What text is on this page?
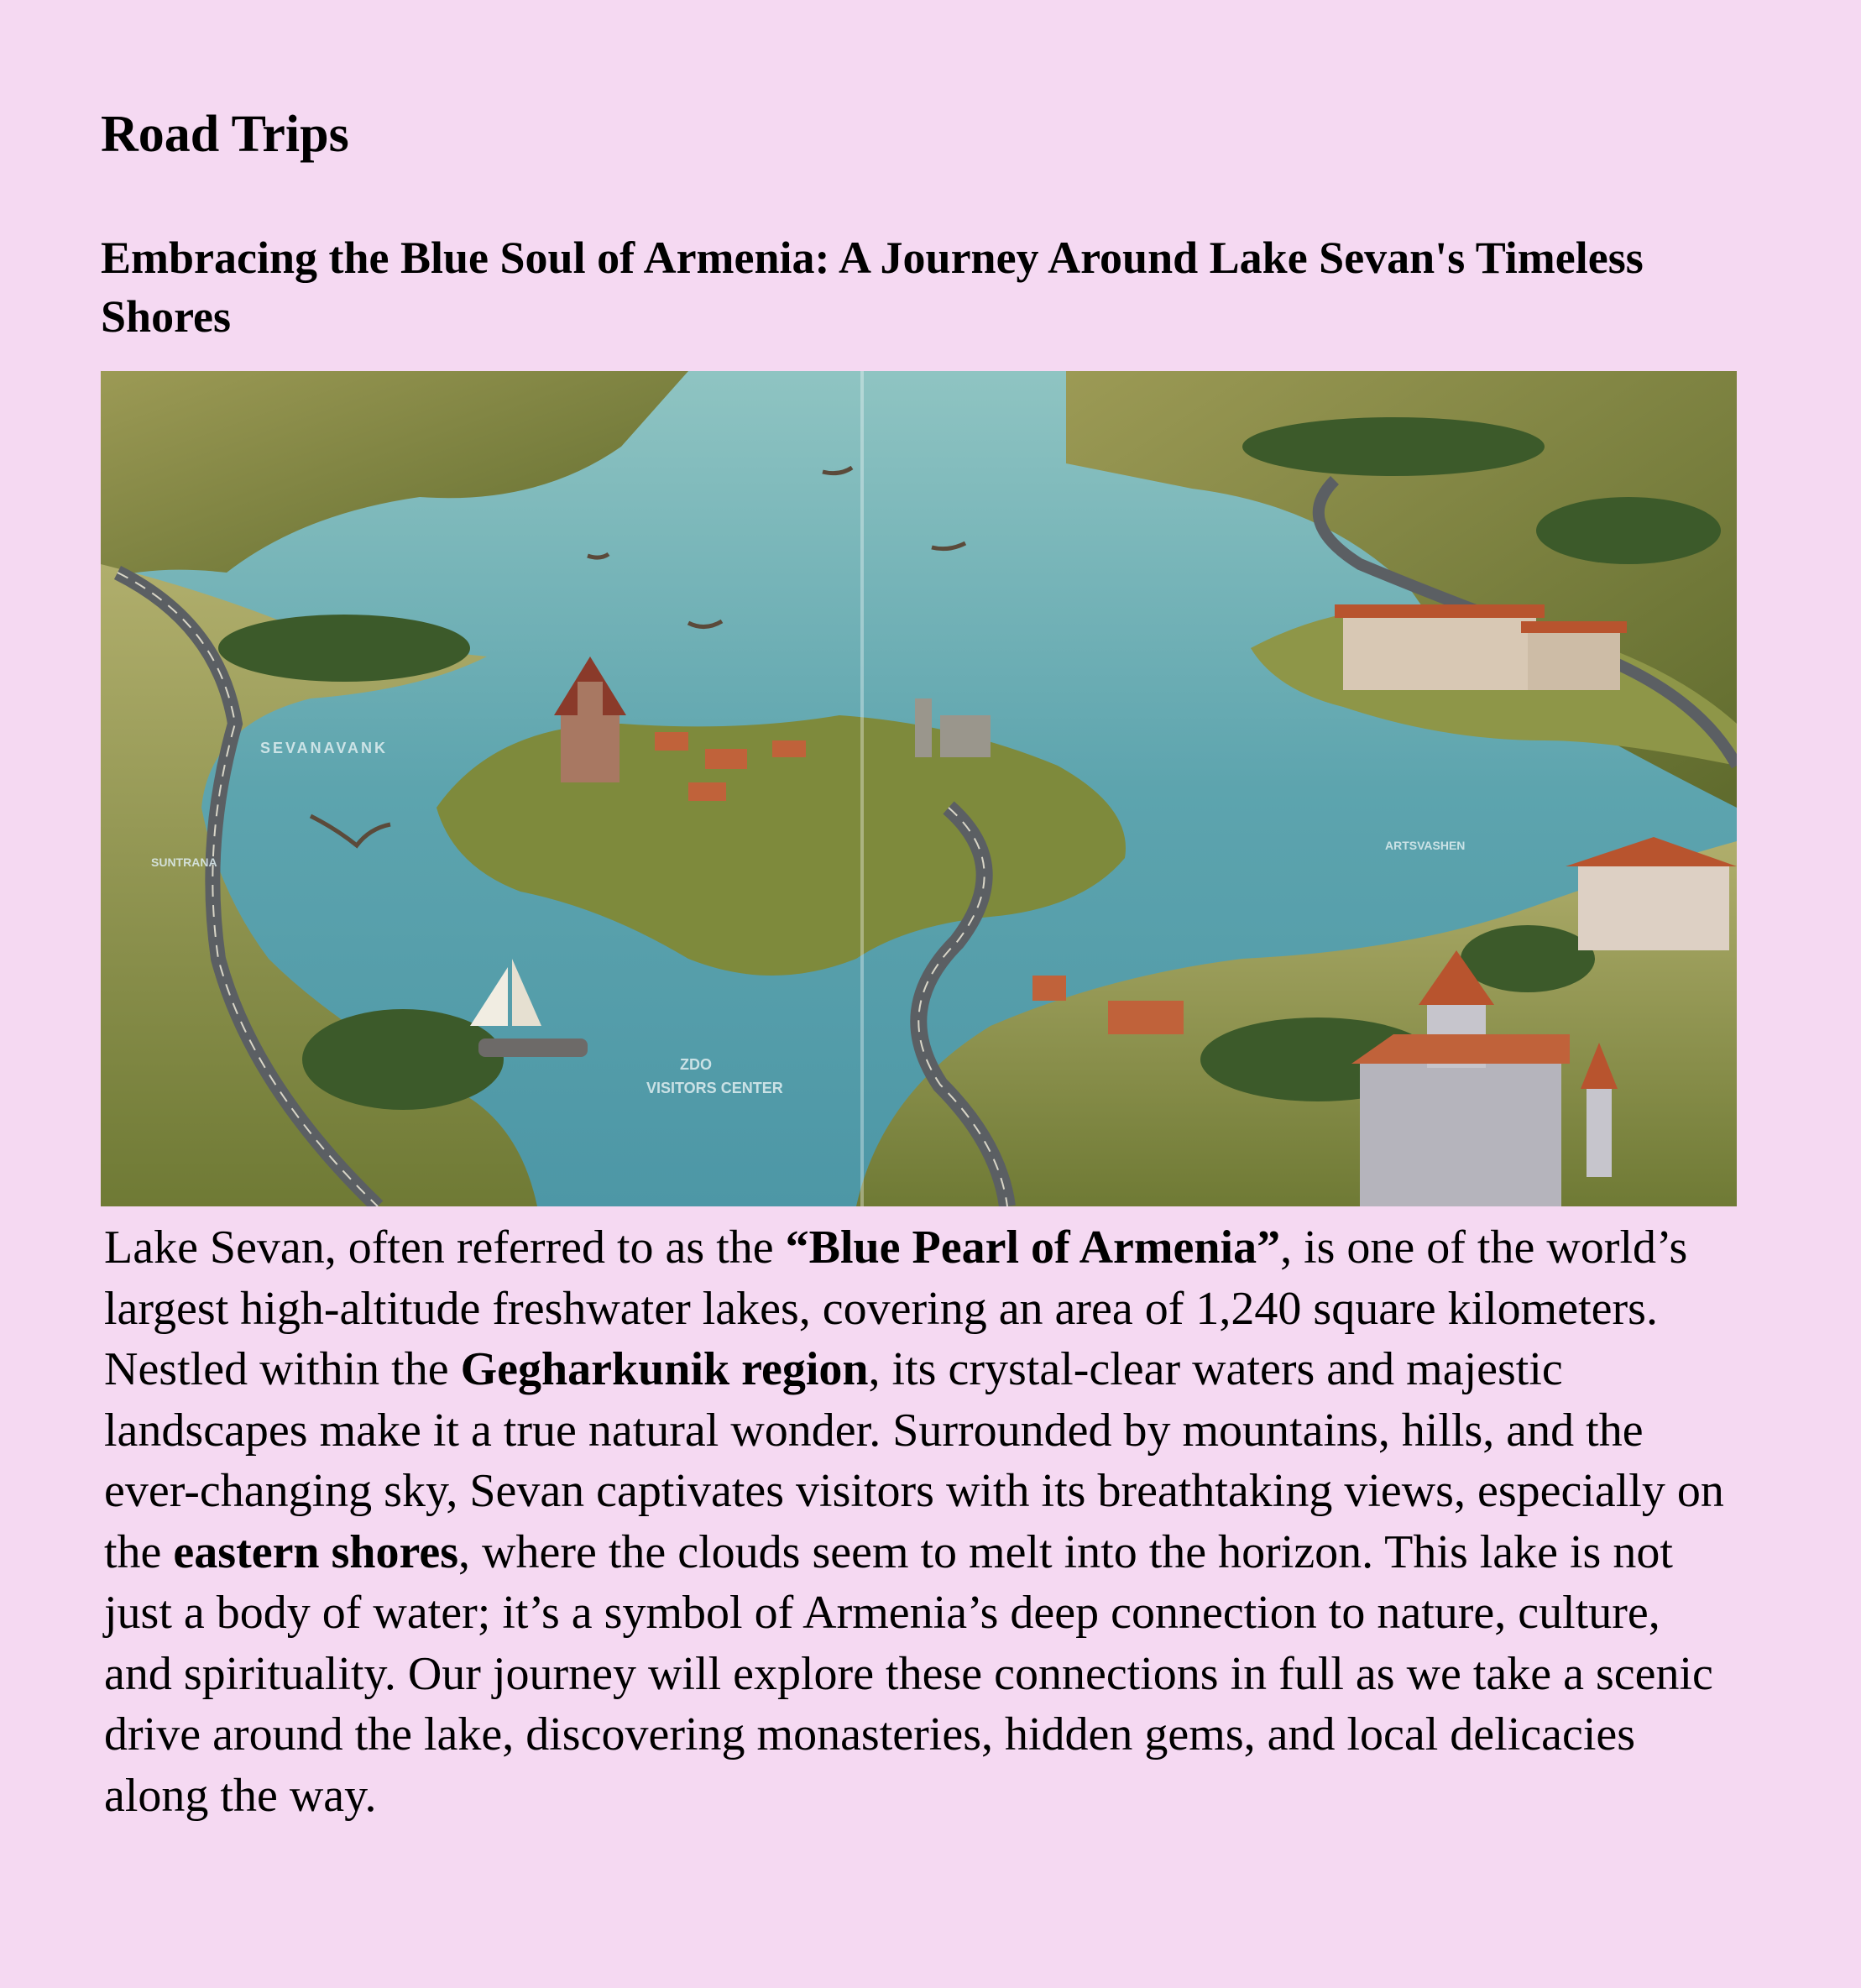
Road Trips
Embracing the Blue Soul of Armenia: A Journey Around Lake Sevan's Timeless Shores
SEVANAVANK
SUNTRANA
ARTSVASHEN
VISITORS CENTER
ZDO

Lake Sevan, often referred to as the “Blue Pearl of Armenia”, is one of the world’s largest high-altitude freshwater lakes, covering an area of 1,240 square kilometers. Nestled within the Gegharkunik region, its crystal-clear waters and majestic landscapes make it a true natural wonder. Surrounded by mountains, hills, and the ever-changing sky, Sevan captivates visitors with its breathtaking views, especially on the eastern shores, where the clouds seem to melt into the horizon. This lake is not just a body of water; it’s a symbol of Armenia’s deep connection to nature, culture, and spirituality. Our journey will explore these connections in full as we take a scenic drive around the lake, discovering monasteries, hidden gems, and local delicacies along the way.
